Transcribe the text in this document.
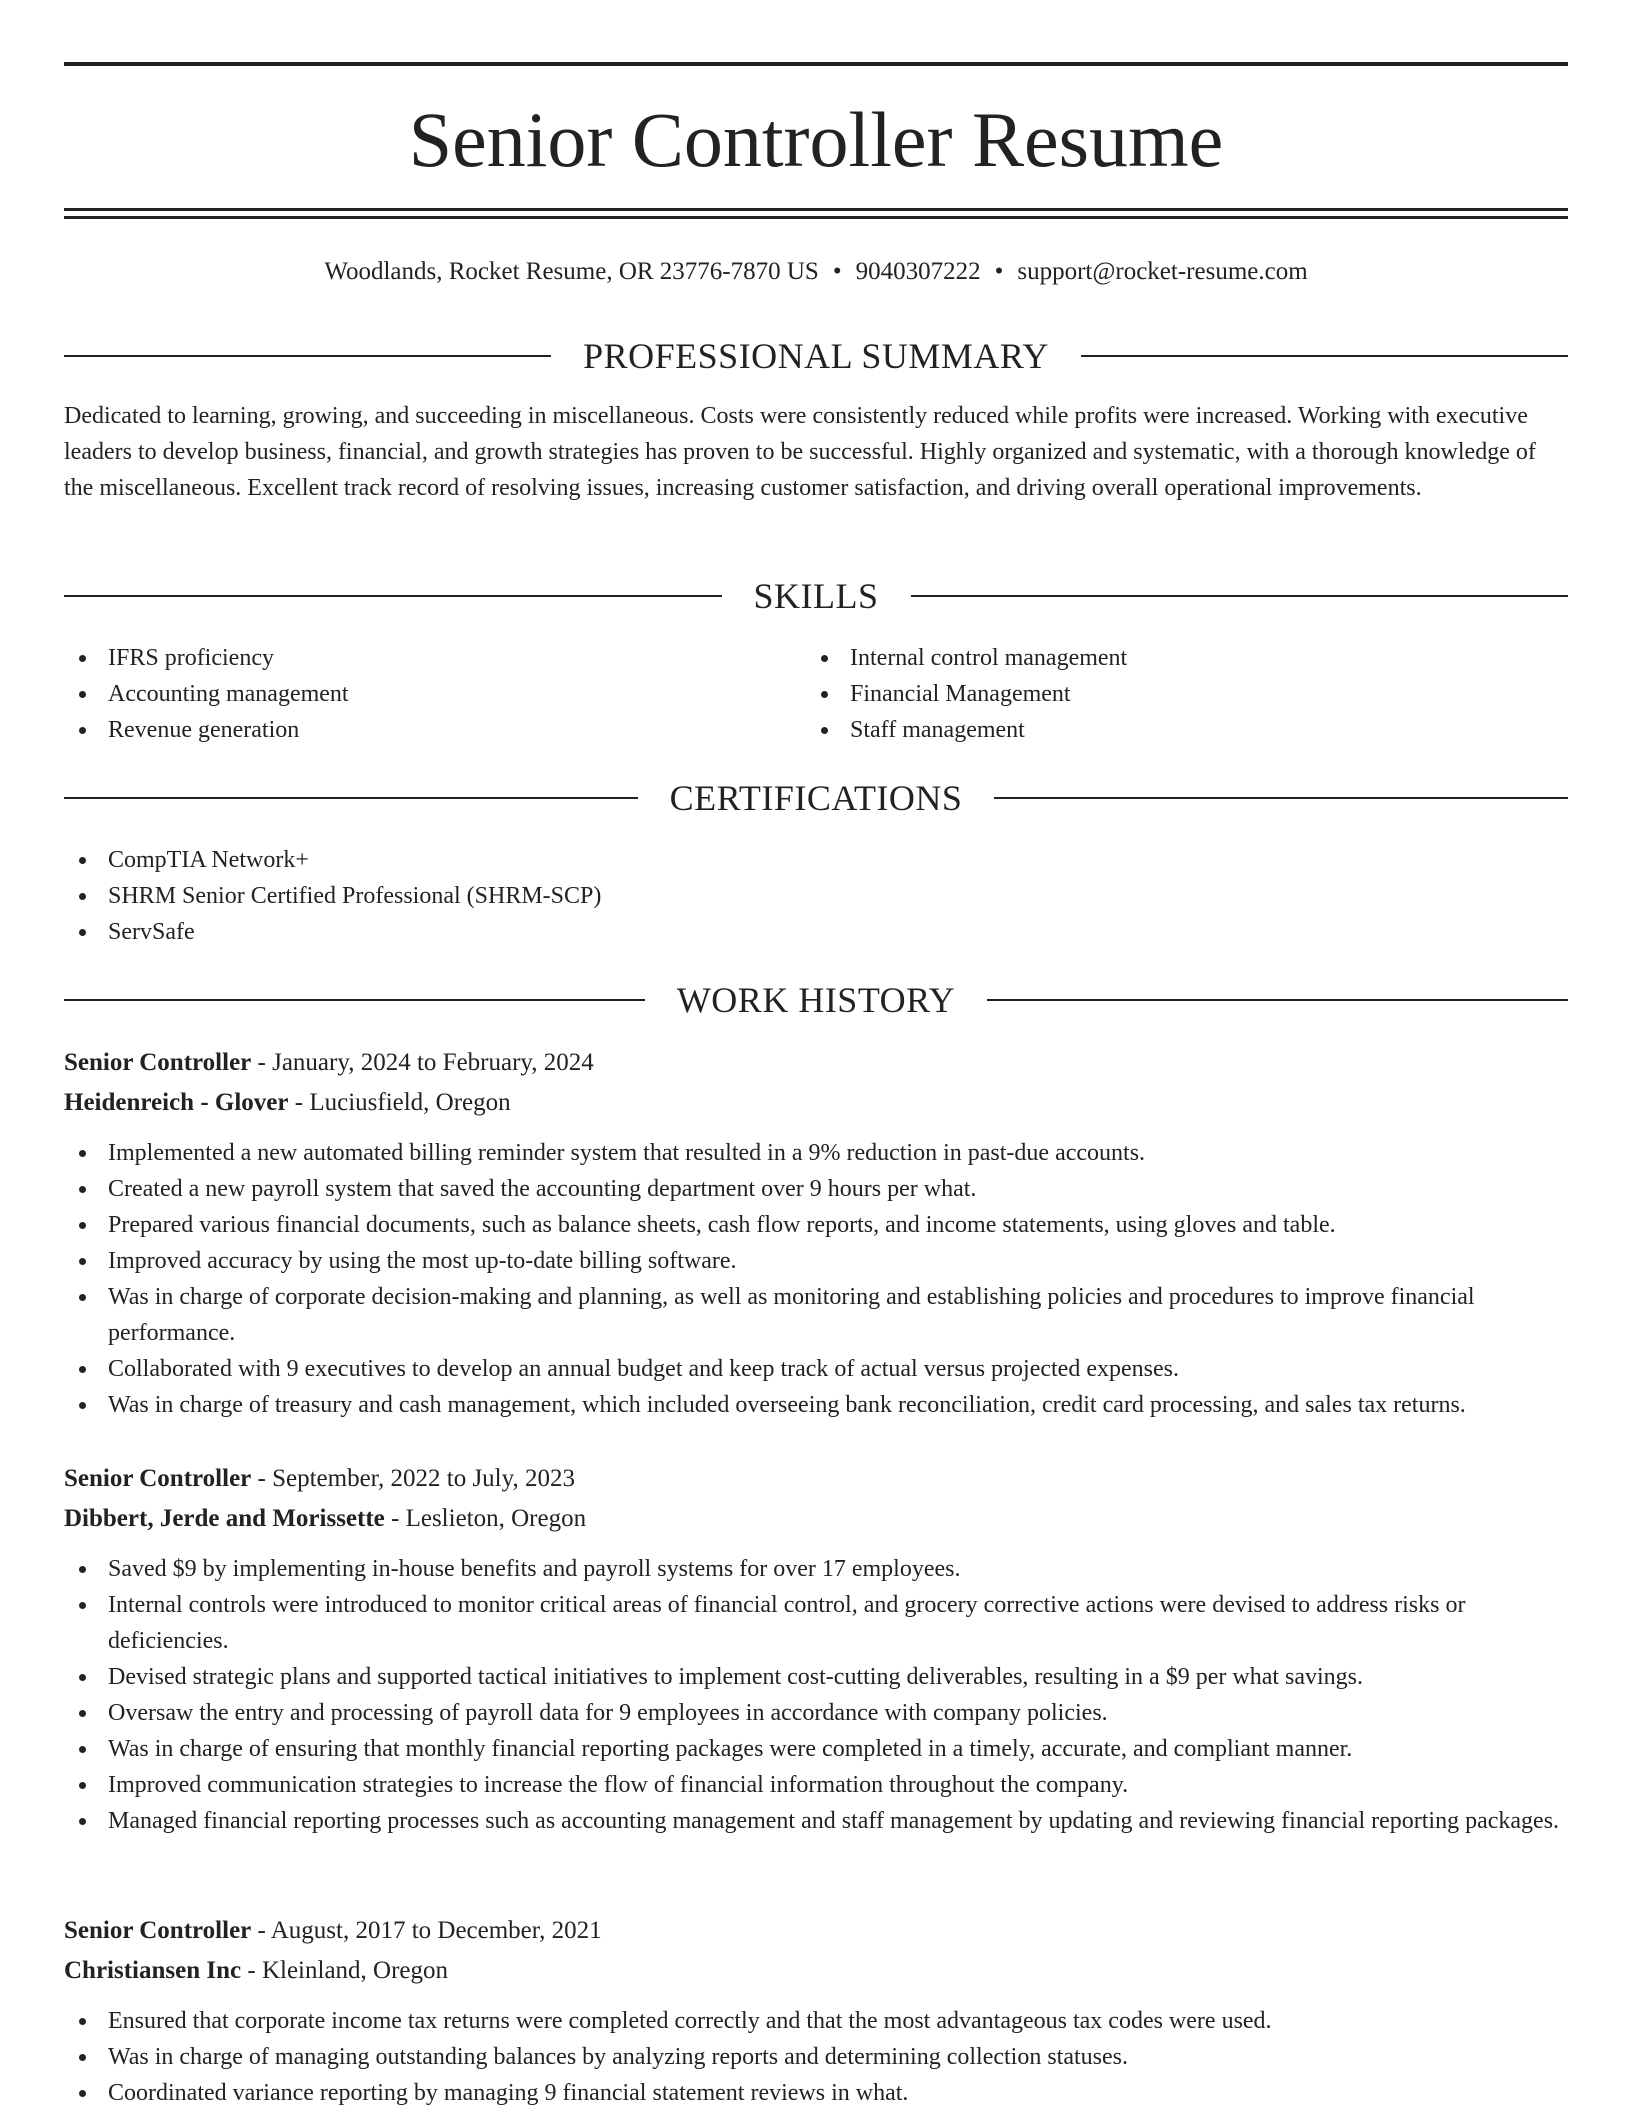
Senior Controller Resume
Woodlands, Rocket Resume, OR 23776-7870 US • 9040307222 • support@rocket-resume.com
PROFESSIONAL SUMMARY

Dedicated to learning, growing, and succeeding in miscellaneous. Costs were consistently reduced while profits were increased. Working with executive leaders to develop business, financial, and growth strategies has proven to be successful. Highly organized and systematic, with a thorough knowledge of the miscellaneous. Excellent track record of resolving issues, increasing customer satisfaction, and driving overall operational improvements.

SKILLS
IFRS proficiency
Accounting management
Revenue generation
Internal control management
Financial Management
Staff management
CERTIFICATIONS
CompTIA Network+
SHRM Senior Certified Professional (SHRM-SCP)
ServSafe
WORK HISTORY
Senior Controller - January, 2024 to February, 2024
Heidenreich - Glover - Luciusfield, Oregon
Implemented a new automated billing reminder system that resulted in a 9% reduction in past-due accounts.
Created a new payroll system that saved the accounting department over 9 hours per what.
Prepared various financial documents, such as balance sheets, cash flow reports, and income statements, using gloves and table.
Improved accuracy by using the most up-to-date billing software.
Was in charge of corporate decision-making and planning, as well as monitoring and establishing policies and procedures to improve financial performance.
Collaborated with 9 executives to develop an annual budget and keep track of actual versus projected expenses.
Was in charge of treasury and cash management, which included overseeing bank reconciliation, credit card processing, and sales tax returns.
Senior Controller - September, 2022 to July, 2023
Dibbert, Jerde and Morissette - Leslieton, Oregon
Saved $9 by implementing in-house benefits and payroll systems for over 17 employees.
Internal controls were introduced to monitor critical areas of financial control, and grocery corrective actions were devised to address risks or deficiencies.
Devised strategic plans and supported tactical initiatives to implement cost-cutting deliverables, resulting in a $9 per what savings.
Oversaw the entry and processing of payroll data for 9 employees in accordance with company policies.
Was in charge of ensuring that monthly financial reporting packages were completed in a timely, accurate, and compliant manner.
Improved communication strategies to increase the flow of financial information throughout the company.
Managed financial reporting processes such as accounting management and staff management by updating and reviewing financial reporting packages.
Senior Controller - August, 2017 to December, 2021
Christiansen Inc - Kleinland, Oregon
Ensured that corporate income tax returns were completed correctly and that the most advantageous tax codes were used.
Was in charge of managing outstanding balances by analyzing reports and determining collection statuses.
Coordinated variance reporting by managing 9 financial statement reviews in what.
